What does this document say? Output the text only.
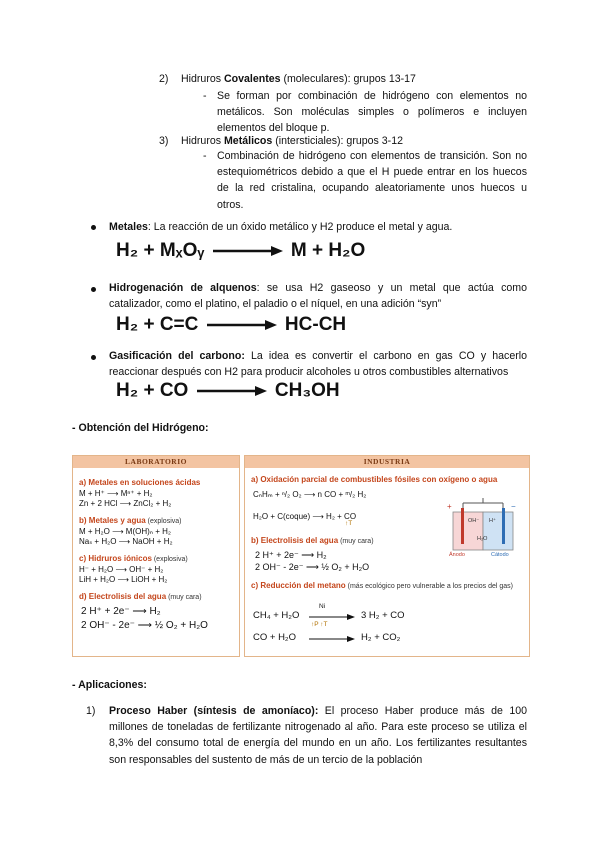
2) Hidruros Covalentes (moleculares): grupos 13-17
- Se forman por combinación de hidrógeno con elementos no metálicos. Son moléculas simples o polímeros e incluyen elementos del bloque p.
3) Hidruros Metálicos (intersticiales): grupos 3-12
- Combinación de hidrógeno con elementos de transición. Son no estequiométricos debido a que el H puede entrar en los huecos de la red cristalina, ocupando aleatoriamente unos huecos u otros.
Metales: La reacción de un óxido metálico y H2 produce el metal y agua.
H₂ + MₓOᵧ → M + H₂O
Hidrogenación de alquenos: se usa H2 gaseoso y un metal que actúa como catalizador, como el platino, el paladio o el níquel, en una adición “syn”
H₂ + C=C → HC-CH
Gasificación del carbono: La idea es convertir el carbono en gas CO y hacerlo reaccionar después con H2 para producir alcoholes u otros combustibles alternativos
H₂ + CO → CH₃OH
- Obtención del Hidrógeno:
LABORATORIO
a) Metales en soluciones ácidas
M + H⁺ ⟶ Mⁿ⁺ + H₂
Zn + 2 HCl ⟶ ZnCl₂ + H₂
b) Metales y agua (explosiva)
M + H₂O ⟶ M(OH)ₙ + H₂
Naₛ + H₂O ⟶ NaOH + H₂
c) Hidruros iónicos (explosiva)
H⁻ + H₂O ⟶ OH⁻ + H₂
LiH + H₂O ⟶ LiOH + H₂
d) Electrolisis del agua (muy cara)
2 H⁺ + 2e⁻ ⟶ H₂
2 OH⁻ - 2e⁻ ⟶ ½ O₂ + H₂O
INDUSTRIA
a) Oxidación parcial de combustibles fósiles con oxígeno o agua
CₙHₘ + ⁿ/₂ O₂ ⟶ n CO + ᵐ/₂ H₂
H₂O + C(coque) ⟶ H₂ + CO
↑T
b) Electrolisis del agua (muy cara)
2 H⁺ + 2e⁻ ⟶ H₂
2 OH⁻ - 2e⁻ ⟶ ½ O₂ + H₂O
+	−
OH⁻ H⁺
H₂O
Ánodo	Cátodo
c) Reducción del metano (más ecológico pero vulnerable a los precios del gas)
Ni
CH₄ + H₂O
↑P ↑T
3 H₂ + CO
CO + H₂O	H₂ + CO₂
- Aplicaciones:
1) Proceso Haber (síntesis de amoníaco): El proceso Haber produce más de 100 millones de toneladas de fertilizante nitrogenado al año. Para este proceso se utiliza el 8,3% del consumo total de energía del mundo en un año. Los fertilizantes resultantes son responsables del sustento de más de un tercio de la población
